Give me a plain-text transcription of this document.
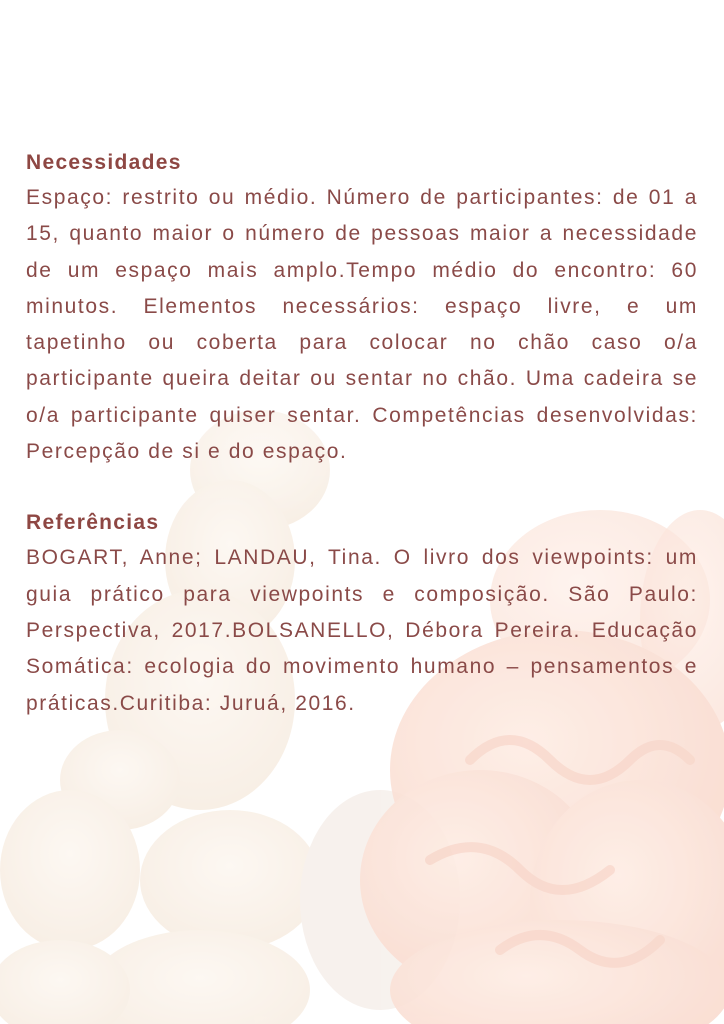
Necessidades

Espaço: restrito ou médio. Número de participantes: de 01 a 15, quanto maior o número de pessoas maior a necessidade de um espaço mais amplo.Tempo médio do encontro: 60 minutos. Elementos necessários: espaço livre, e um tapetinho ou coberta para colocar no chão caso o/a participante queira deitar ou sentar no chão. Uma cadeira se o/a participante quiser sentar. Competências desenvolvidas: Percepção de si e do espaço.

Referências

BOGART, Anne; LANDAU, Tina. O livro dos viewpoints: um guia prático para viewpoints e composição. São Paulo: Perspectiva, 2017.BOLSANELLO, Débora Pereira. Educação Somática: ecologia do movimento humano – pensamentos e práticas.Curitiba: Juruá, 2016.
